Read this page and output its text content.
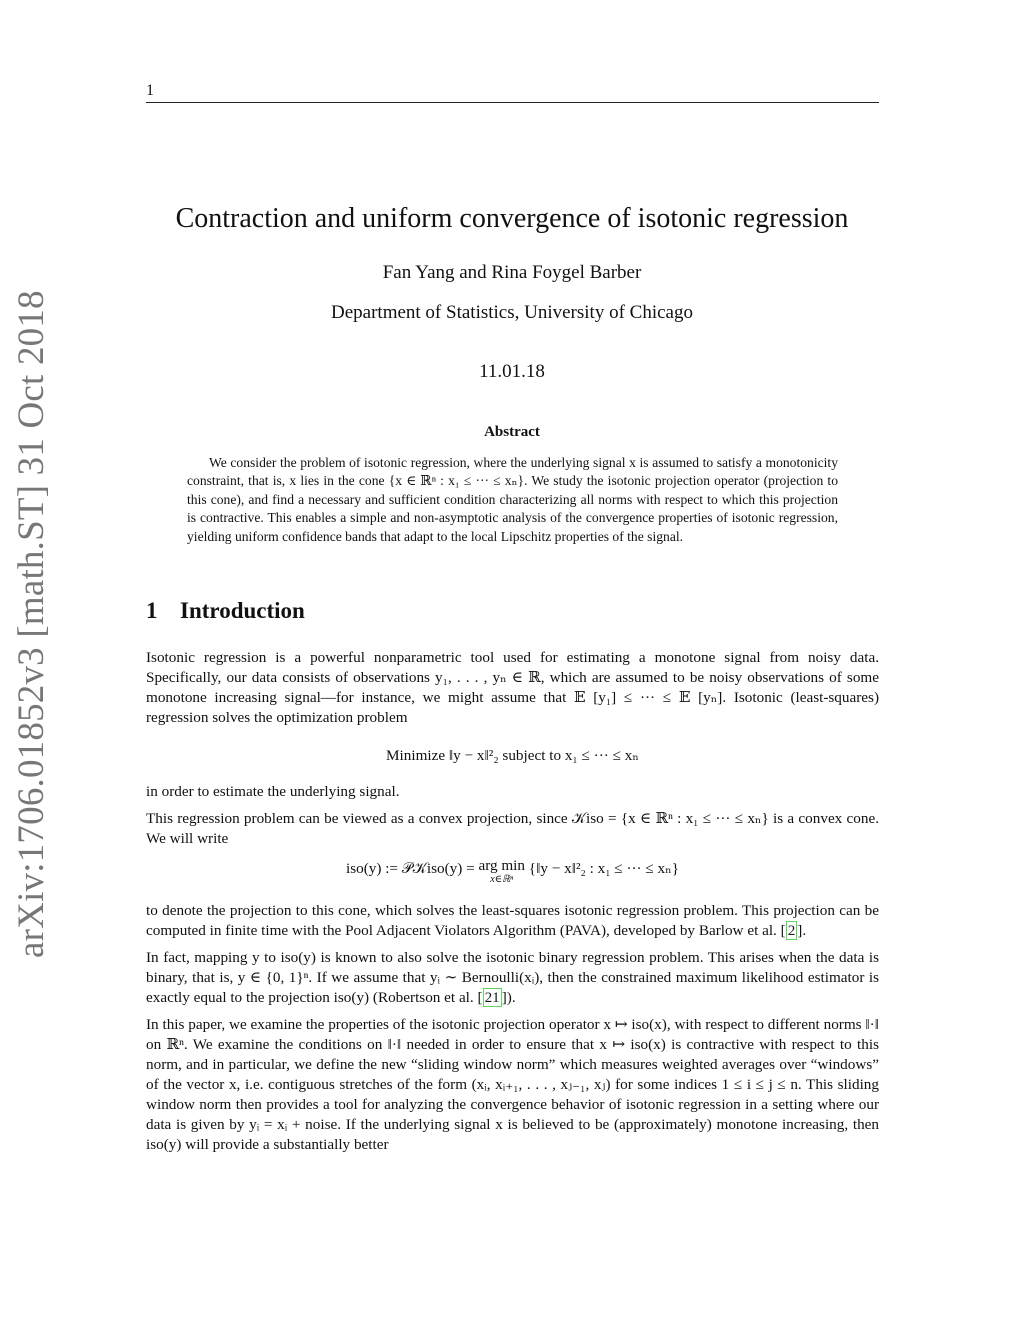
1
arXiv:1706.01852v3 [math.ST] 31 Oct 2018
Contraction and uniform convergence of isotonic regression
Fan Yang and Rina Foygel Barber
Department of Statistics, University of Chicago
11.01.18
Abstract

We consider the problem of isotonic regression, where the underlying signal x is assumed to satisfy a monotonicity constraint, that is, x lies in the cone {x ∈ ℝⁿ : x₁ ≤ ··· ≤ xₙ}. We study the isotonic projection operator (projection to this cone), and find a necessary and sufficient condition characterizing all norms with respect to which this projection is contractive. This enables a simple and non-asymptotic analysis of the convergence properties of isotonic regression, yielding uniform confidence bands that adapt to the local Lipschitz properties of the signal.

1 Introduction

Isotonic regression is a powerful nonparametric tool used for estimating a monotone signal from noisy data. Specifically, our data consists of observations y₁, . . . , yₙ ∈ ℝ, which are assumed to be noisy observations of some monotone increasing signal—for instance, we might assume that 𝔼 [y₁] ≤ ··· ≤ 𝔼 [yₙ]. Isotonic (least-squares) regression solves the optimization problem

Minimize ‖y − x‖²₂ subject to x₁ ≤ ··· ≤ xₙ

in order to estimate the underlying signal.

This regression problem can be viewed as a convex projection, since 𝒦iso = {x ∈ ℝⁿ : x₁ ≤ ··· ≤ xₙ} is a convex cone. We will write

iso(y) := 𝒫𝒦iso(y) = arg min
x∈ℝⁿ
{‖y − x‖²₂ : x₁ ≤ ··· ≤ xₙ}

to denote the projection to this cone, which solves the least-squares isotonic regression problem. This projection can be computed in finite time with the Pool Adjacent Violators Algorithm (PAVA), developed by Barlow et al. [ 2 ].

In fact, mapping y to iso(y) is known to also solve the isotonic binary regression problem. This arises when the data is binary, that is, y ∈ {0, 1}ⁿ. If we assume that yᵢ ∼ Bernoulli(xᵢ), then the constrained maximum likelihood estimator is exactly equal to the projection iso(y) (Robertson et al. [ 21 ]).

In this paper, we examine the properties of the isotonic projection operator x ↦ iso(x), with respect to different norms ‖·‖ on ℝⁿ. We examine the conditions on ‖·‖ needed in order to ensure that x ↦ iso(x) is contractive with respect to this norm, and in particular, we define the new “sliding window norm” which measures weighted averages over “windows” of the vector x, i.e. contiguous stretches of the form (xᵢ, xᵢ₊₁, . . . , xⱼ₋₁, xⱼ) for some indices 1 ≤ i ≤ j ≤ n. This sliding window norm then provides a tool for analyzing the convergence behavior of isotonic regression in a setting where our data is given by yᵢ = xᵢ + noise. If the underlying signal x is believed to be (approximately) monotone increasing, then iso(y) will provide a substantially better
